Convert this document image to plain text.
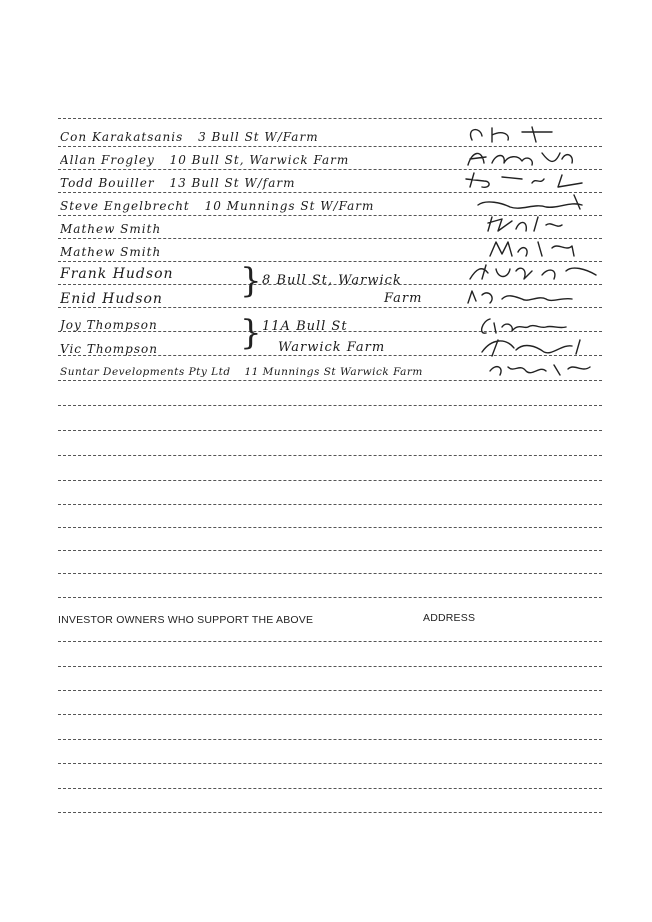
Con Karakatsanis 3 Bull St W/Farm
Allan Frogley 10 Bull St, Warwick Farm
Todd Bouiller 13 Bull St W/farm
Steve Engelbrecht 10 Munnings St W/Farm
Mathew Smith
Mathew Smith
Frank Hudson
Enid Hudson
Joy Thompson
Vic Thompson
Suntar Developments Pty Ltd 11 Munnings St Warwick Farm
} 8 Bull St, Warwick
Farm
} 11A Bull St
Warwick Farm
INVESTOR OWNERS WHO SUPPORT THE ABOVE	ADDRESS
